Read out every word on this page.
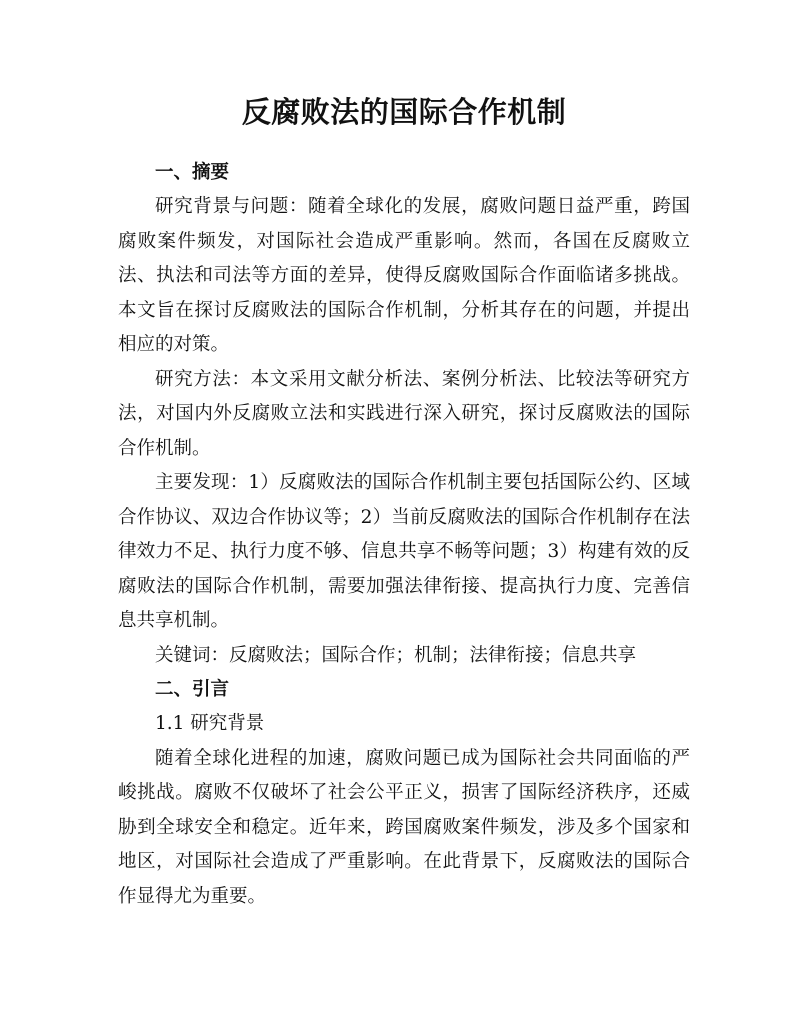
反腐败法的国际合作机制
一、摘要

研究背景与问题：随着全球化的发展，腐败问题日益严重，跨国腐败案件频发，对国际社会造成严重影响。然而，各国在反腐败立法、执法和司法等方面的差异，使得反腐败国际合作面临诸多挑战。本文旨在探讨反腐败法的国际合作机制，分析其存在的问题，并提出相应的对策。

研究方法：本文采用文献分析法、案例分析法、比较法等研究方法，对国内外反腐败立法和实践进行深入研究，探讨反腐败法的国际合作机制。

主要发现：1）反腐败法的国际合作机制主要包括国际公约、区域合作协议、双边合作协议等；2）当前反腐败法的国际合作机制存在法律效力不足、执行力度不够、信息共享不畅等问题；3）构建有效的反腐败法的国际合作机制，需要加强法律衔接、提高执行力度、完善信息共享机制。

关键词：反腐败法；国际合作；机制；法律衔接；信息共享

二、引言

1.1 研究背景

随着全球化进程的加速，腐败问题已成为国际社会共同面临的严峻挑战。腐败不仅破坏了社会公平正义，损害了国际经济秩序，还威胁到全球安全和稳定。近年来，跨国腐败案件频发，涉及多个国家和地区，对国际社会造成了严重影响。在此背景下，反腐败法的国际合作显得尤为重要。
